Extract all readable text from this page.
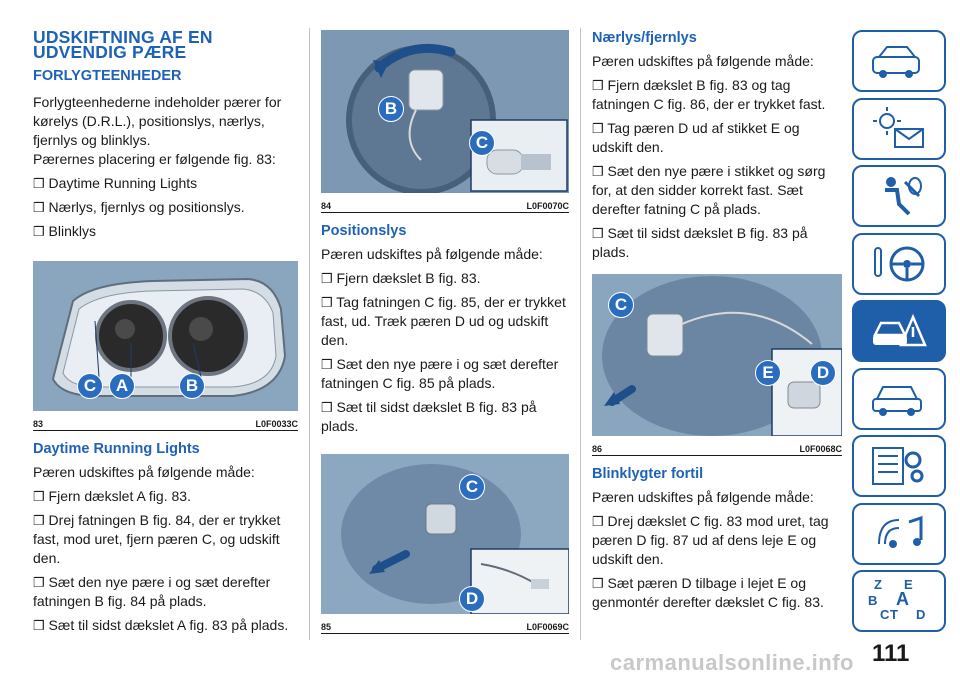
UDSKIFTNING AF EN
UDVENDIG PÆRE
FORLYGTEENHEDER

Forlygteenhederne indeholder pærer for kørelys (D.R.L.), positionslys, nærlys, fjernlys og blinklys.

Pærernes placering er følgende fig. 83:

❒ Daytime Running Lights
❒ Nærlys, fjernlys og positionslys.
❒ Blinklys
C	A	B
83	L0F0033C
Daytime Running Lights

Pæren udskiftes på følgende måde:

❒ Fjern dækslet A fig. 83.
❒ Drej fatningen B fig. 84, der er trykket fast, mod uret, fjern pæren C, og udskift den.
❒ Sæt den nye pære i og sæt derefter fatningen B fig. 84 på plads.
❒ Sæt til sidst dækslet A fig. 83 på plads.
B
C
84	L0F0070C
Positionslys

Pæren udskiftes på følgende måde:

❒ Fjern dækslet B fig. 83.
❒ Tag fatningen C fig. 85, der er trykket fast, ud. Træk pæren D ud og udskift den.
❒ Sæt den nye pære i og sæt derefter fatningen C fig. 85 på plads.
❒ Sæt til sidst dækslet B fig. 83 på plads.
C
D
85	L0F0069C
Nærlys/fjernlys

Pæren udskiftes på følgende måde:

❒ Fjern dækslet B fig. 83 og tag fatningen C fig. 86, der er trykket fast.
❒ Tag pæren D ud af stikket E og udskift den.
❒ Sæt den nye pære i stikket og sørg for, at den sidder korrekt fast. Sæt derefter fatning C på plads.
❒ Sæt til sidst dækslet B fig. 83 på plads.
C
E	D
86	L0F0068C
Blinklygter fortil

Pæren udskiftes på følgende måde:

❒ Drej dækslet C fig. 83 mod uret, tag pæren D fig. 87 ud af dens leje E og udskift den.
❒ Sæt pæren D tilbage i lejet E og genmontér derefter dækslet C fig. 83.
Z E
B A
C T D
carmanualsonline.info 111
